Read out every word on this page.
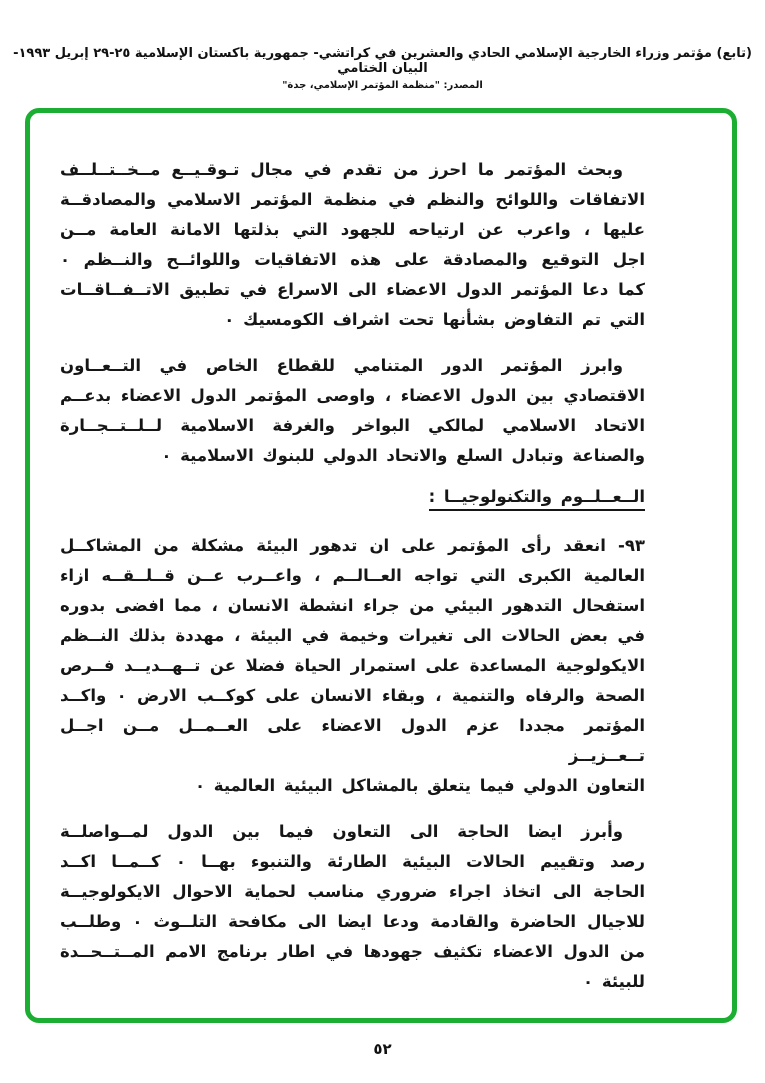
(تابع) مؤتمر وزراء الخارجية الإسلامي الحادي والعشرين في كراتشي- جمهورية باكستان الإسلامية ٢٥-٢٩ إبريل ١٩٩٣- البيان الختامي
المصدر: "منظمة المؤتمر الإسلامي، جدة"
وبحث المؤتمر ما احرز من تقدم في مجال تـوقـيــع مــخــتــلــف
الاتفاقات واللوائح والنظم في منظمة المؤتمر الاسلامي والمصادقــة
عليها ، واعرب عن ارتياحه للجهود التي بذلتها الامانة العامة مــن
اجل التوقيع والمصادقة على هذه الاتفاقيات واللوائــح والنــظم ٠
كما دعا المؤتمر الدول الاعضاء الى الاسراع في تطبيق الاتــفــاقــات
التي تم التفاوض بشأنها تحت اشراف الكومسيك ٠
وابرز المؤتمر الدور المتنامي للقطاع الخاص في التــعــاون
الاقتصادي بين الدول الاعضاء ، واوصى المؤتمر الدول الاعضاء بدعــم
الاتحاد الاسلامي لمالكي البواخر والغرفة الاسلامية لــلــتــجــارة
والصناعة وتبادل السلع والاتحاد الدولي للبنوك الاسلامية ٠
الــعــلــوم والتكنولوجيــا :
٩٣- انعقد رأى المؤتمر على ان تدهور البيئة مشكلة من المشاكــل
العالمية الكبرى التي تواجه العــالــم ، واعــرب عــن قــلــقــه ازاء
استفحال التدهور البيئي من جراء انشطة الانسان ، مما افضى بدوره
في بعض الحالات الى تغيرات وخيمة في البيئة ، مهددة بذلك النــظم
الايكولوجية المساعدة على استمرار الحياة فضلا عن تــهــديــد فــرص
الصحة والرفاه والتنمية ، وبقاء الانسان على كوكــب الارض ٠ واكــد
المؤتمر مجددا عزم الدول الاعضاء على العــمــل مــن اجــل تــعــزيــز
التعاون الدولي فيما يتعلق بالمشاكل البيئية العالمية ٠
وأبرز ايضا الحاجة الى التعاون فيما بين الدول لمــواصلــة
رصد وتقييم الحالات البيئية الطارئة والتنبوء بهــا ٠ كــمــا اكــد
الحاجة الى اتخاذ اجراء ضروري مناسب لحماية الاحوال الايكولوجيــة
للاجيال الحاضرة والقادمة ودعا ايضا الى مكافحة التلــوث ٠ وطلــب
من الدول الاعضاء تكثيف جهودها في اطار برنامج الامم المــتــحــدة
للبيئة ٠
٥٢
